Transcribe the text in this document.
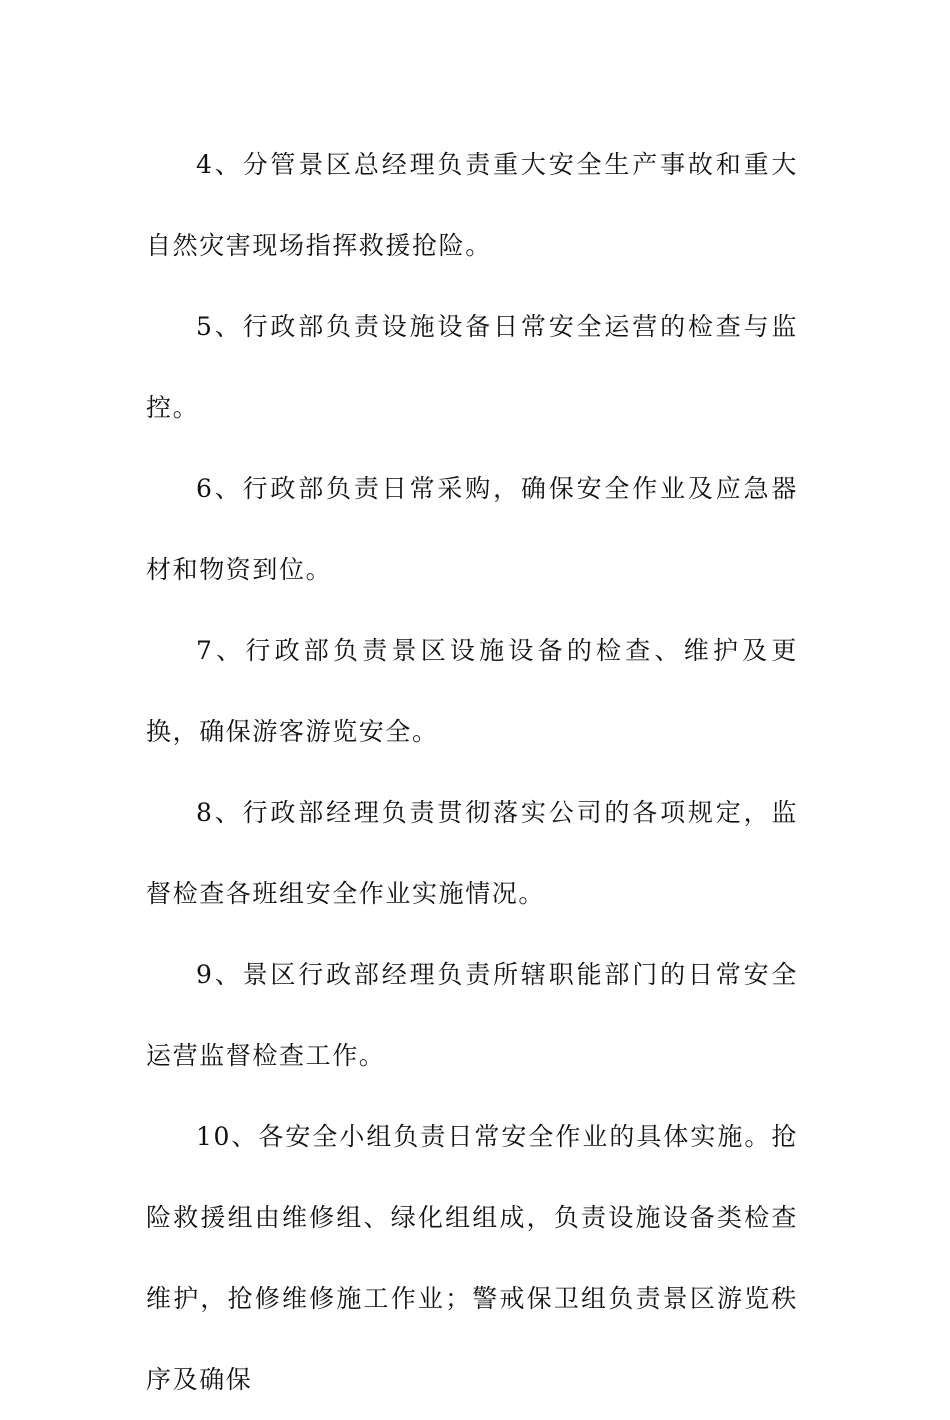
4、分管景区总经理负责重大安全生产事故和重大自然灾害现场指挥救援抢险。

5、行政部负责设施设备日常安全运营的检查与监控。

6、行政部负责日常采购，确保安全作业及应急器材和物资到位。

7、行政部负责景区设施设备的检查、维护及更换，确保游客游览安全。

8、行政部经理负责贯彻落实公司的各项规定，监督检查各班组安全作业实施情况。

9、景区行政部经理负责所辖职能部门的日常安全运营监督检查工作。

10、各安全小组负责日常安全作业的具体实施。抢险救援组由维修组、绿化组组成，负责设施设备类检查维护，抢修维修施工作业；警戒保卫组负责景区游览秩序及确保
